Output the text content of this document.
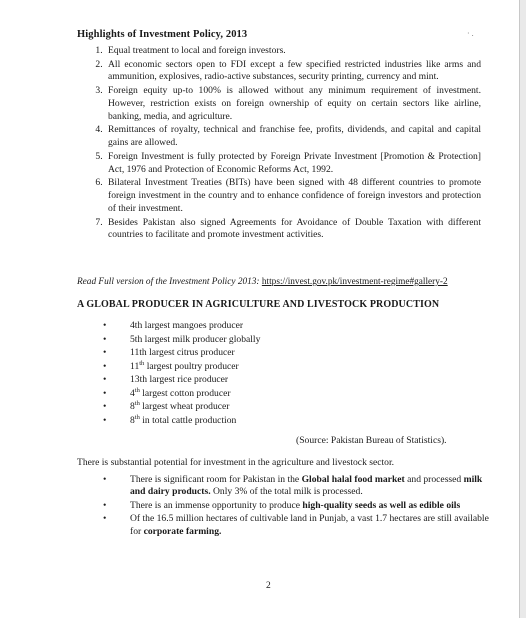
Highlights of Investment Policy, 2013	· .
1. Equal treatment to local and foreign investors.
2. All economic sectors open to FDI except a few specified restricted industries like arms and ammunition, explosives, radio-active substances, security printing, currency and mint.
3. Foreign equity up-to 100% is allowed without any minimum requirement of investment. However, restriction exists on foreign ownership of equity on certain sectors like airline, banking, media, and agriculture.
4. Remittances of royalty, technical and franchise fee, profits, dividends, and capital and capital gains are allowed.
5. Foreign Investment is fully protected by Foreign Private Investment [Promotion & Protection] Act, 1976 and Protection of Economic Reforms Act, 1992.
6. Bilateral Investment Treaties (BITs) have been signed with 48 different countries to promote foreign investment in the country and to enhance confidence of foreign investors and protection of their investment.
7. Besides Pakistan also signed Agreements for Avoidance of Double Taxation with different countries to facilitate and promote investment activities.
Read Full version of the Investment Policy 2013: https://invest.gov.pk/investment-regime#gallery-2
A GLOBAL PRODUCER IN AGRICULTURE AND LIVESTOCK PRODUCTION
• 4th largest mangoes producer
• 5th largest milk producer globally
• 11th largest citrus producer
• 11th largest poultry producer
• 13th largest rice producer
• 4th largest cotton producer
• 8th largest wheat producer
• 8th in total cattle production
(Source: Pakistan Bureau of Statistics).
There is substantial potential for investment in the agriculture and livestock sector.
• There is significant room for Pakistan in the Global halal food market and processed milk and dairy products. Only 3% of the total milk is processed.
• There is an immense opportunity to produce high-quality seeds as well as edible oils
• Of the 16.5 million hectares of cultivable land in Punjab, a vast 1.7 hectares are still available for corporate farming.
2
